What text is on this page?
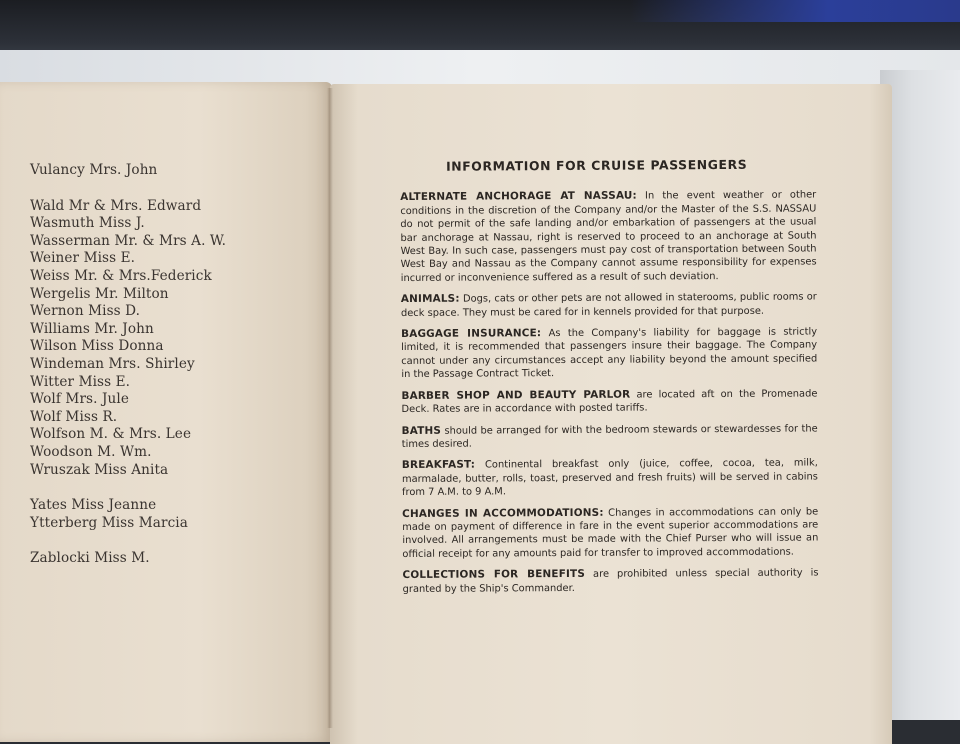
Vulancy Mrs. John
Wald Mr & Mrs. Edward
Wasmuth Miss J.
Wasserman Mr. & Mrs A. W.
Weiner Miss E.
Weiss Mr. & Mrs.Federick
Wergelis Mr. Milton
Wernon Miss D.
Williams Mr. John
Wilson Miss Donna
Windeman Mrs. Shirley
Witter Miss E.
Wolf Mrs. Jule
Wolf Miss R.
Wolfson M. & Mrs. Lee
Woodson M. Wm.
Wruszak Miss Anita
Yates Miss Jeanne
Ytterberg Miss Marcia
Zablocki Miss M.
INFORMATION FOR CRUISE PASSENGERS

ALTERNATE ANCHORAGE AT NASSAU: In the event weather or other conditions in the discretion of the Company and/or the Master of the S.S. NASSAU do not permit of the safe landing and/or embarkation of passengers at the usual bar anchorage at Nassau, right is reserved to proceed to an anchorage at South West Bay. In such case, passengers must pay cost of transportation between South West Bay and Nassau as the Company cannot assume responsibility for expenses incurred or inconvenience suffered as a result of such deviation.

ANIMALS: Dogs, cats or other pets are not allowed in staterooms, public rooms or deck space. They must be cared for in kennels provided for that purpose.

BAGGAGE INSURANCE: As the Company's liability for baggage is strictly limited, it is recommended that passengers insure their baggage. The Company cannot under any circumstances accept any liability beyond the amount specified in the Passage Contract Ticket.

BARBER SHOP AND BEAUTY PARLOR are located aft on the Promenade Deck. Rates are in accordance with posted tariffs.

BATHS should be arranged for with the bedroom stewards or stewardesses for the times desired.

BREAKFAST: Continental breakfast only (juice, coffee, cocoa, tea, milk, marmalade, butter, rolls, toast, preserved and fresh fruits) will be served in cabins from 7 A.M. to 9 A.M.

CHANGES IN ACCOMMODATIONS: Changes in accommodations can only be made on payment of difference in fare in the event superior accommodations are involved. All arrangements must be made with the Chief Purser who will issue an official receipt for any amounts paid for transfer to improved accommodations.

COLLECTIONS FOR BENEFITS are prohibited unless special authority is granted by the Ship's Commander.
